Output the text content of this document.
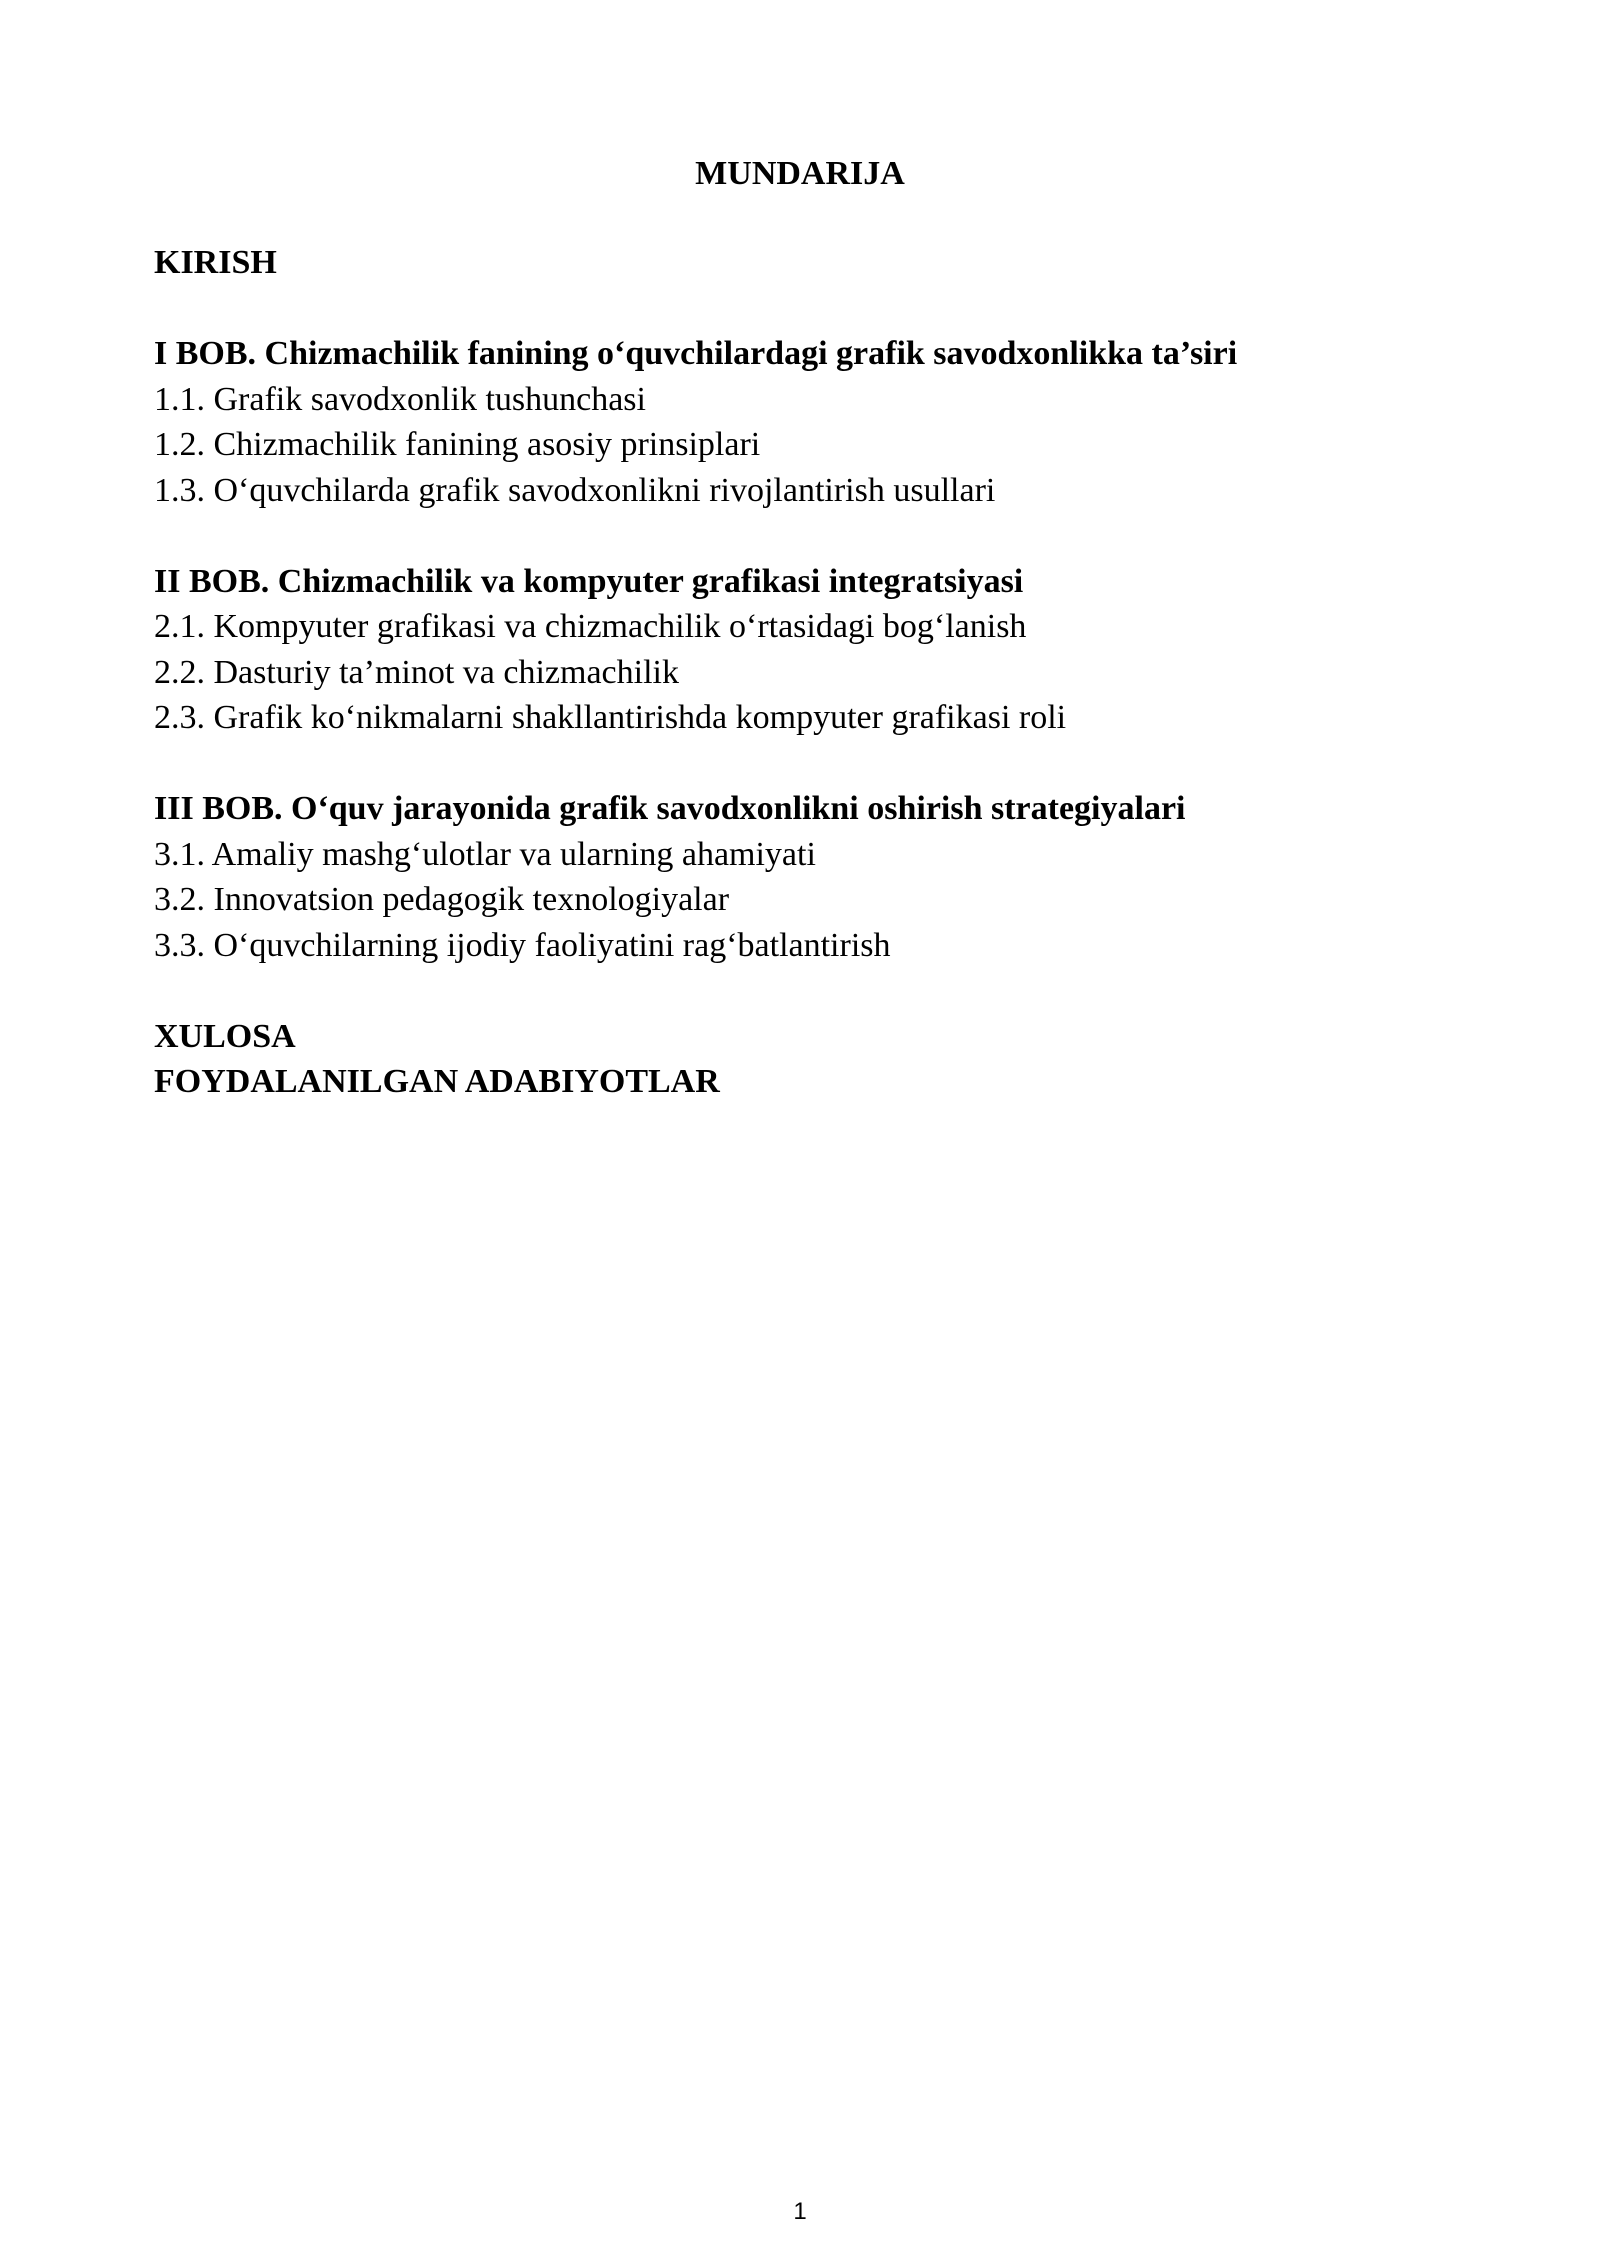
MUNDARIJA

KIRISH

I BOB. Chizmachilik fanining o‘quvchilardagi grafik savodxonlikka ta’siri

1.1. Grafik savodxonlik tushunchasi

1.2. Chizmachilik fanining asosiy prinsiplari

1.3. O‘quvchilarda grafik savodxonlikni rivojlantirish usullari

II BOB. Chizmachilik va kompyuter grafikasi integratsiyasi

2.1. Kompyuter grafikasi va chizmachilik o‘rtasidagi bog‘lanish

2.2. Dasturiy ta’minot va chizmachilik

2.3. Grafik ko‘nikmalarni shakllantirishda kompyuter grafikasi roli

III BOB. O‘quv jarayonida grafik savodxonlikni oshirish strategiyalari

3.1. Amaliy mashg‘ulotlar va ularning ahamiyati

3.2. Innovatsion pedagogik texnologiyalar

3.3. O‘quvchilarning ijodiy faoliyatini rag‘batlantirish

XULOSA

FOYDALANILGAN ADABIYOTLAR

1
